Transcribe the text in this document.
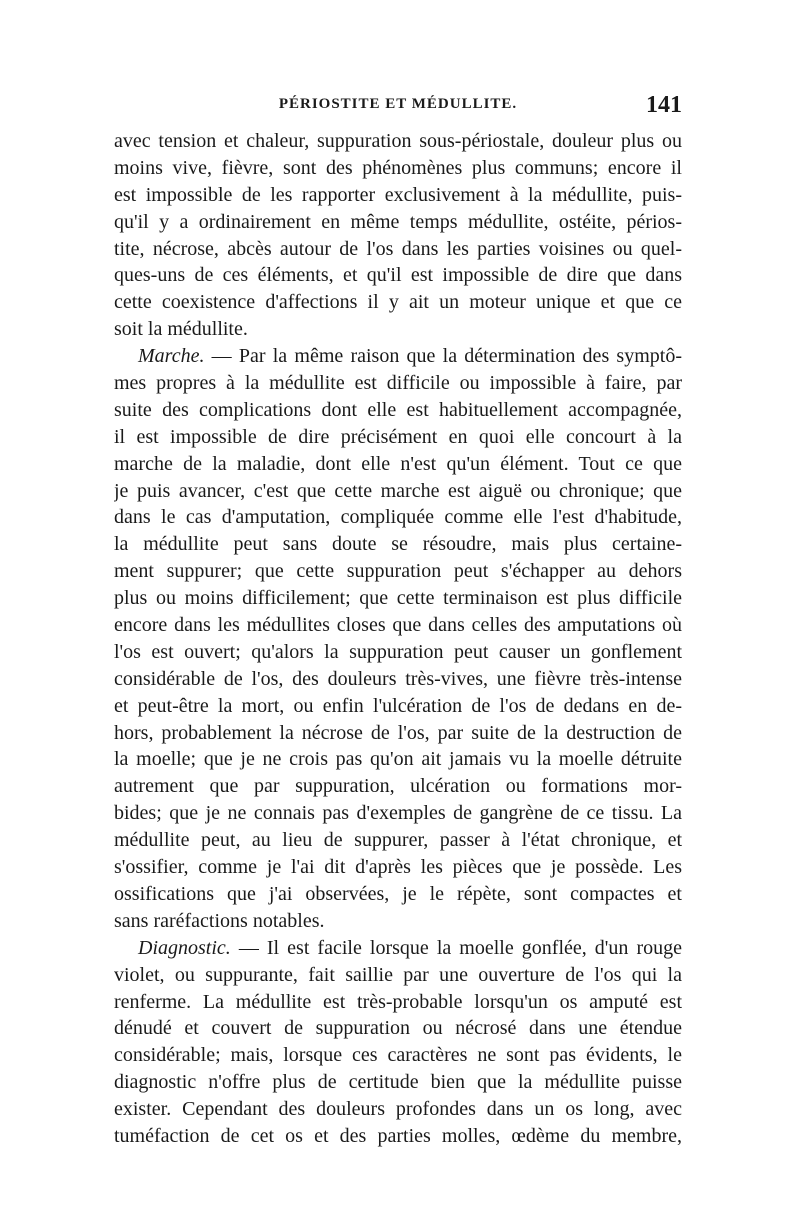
PÉRIOSTITE ET MÉDULLITE.	141
avec tension et chaleur, suppuration sous-périostale, douleur plus ou
moins vive, fièvre, sont des phénomènes plus communs; encore il
est impossible de les rapporter exclusivement à la médullite, puis-
qu'il y a ordinairement en même temps médullite, ostéite, périos-
tite, nécrose, abcès autour de l'os dans les parties voisines ou quel-
ques-uns de ces éléments, et qu'il est impossible de dire que dans
cette coexistence d'affections il y ait un moteur unique et que ce
soit la médullite.
Marche. — Par la même raison que la détermination des symptô-
mes propres à la médullite est difficile ou impossible à faire, par
suite des complications dont elle est habituellement accompagnée,
il est impossible de dire précisément en quoi elle concourt à la
marche de la maladie, dont elle n'est qu'un élément. Tout ce que
je puis avancer, c'est que cette marche est aiguë ou chronique; que
dans le cas d'amputation, compliquée comme elle l'est d'habitude,
la médullite peut sans doute se résoudre, mais plus certaine-
ment suppurer; que cette suppuration peut s'échapper au dehors
plus ou moins difficilement; que cette terminaison est plus difficile
encore dans les médullites closes que dans celles des amputations où
l'os est ouvert; qu'alors la suppuration peut causer un gonflement
considérable de l'os, des douleurs très-vives, une fièvre très-intense
et peut-être la mort, ou enfin l'ulcération de l'os de dedans en de-
hors, probablement la nécrose de l'os, par suite de la destruction de
la moelle; que je ne crois pas qu'on ait jamais vu la moelle détruite
autrement que par suppuration, ulcération ou formations mor-
bides; que je ne connais pas d'exemples de gangrène de ce tissu. La
médullite peut, au lieu de suppurer, passer à l'état chronique, et
s'ossifier, comme je l'ai dit d'après les pièces que je possède. Les
ossifications que j'ai observées, je le répète, sont compactes et
sans raréfactions notables.
Diagnostic. — Il est facile lorsque la moelle gonflée, d'un rouge
violet, ou suppurante, fait saillie par une ouverture de l'os qui la
renferme. La médullite est très-probable lorsqu'un os amputé est
dénudé et couvert de suppuration ou nécrosé dans une étendue
considérable; mais, lorsque ces caractères ne sont pas évidents, le
diagnostic n'offre plus de certitude bien que la médullite puisse
exister. Cependant des douleurs profondes dans un os long, avec
tuméfaction de cet os et des parties molles, œdème du membre,
